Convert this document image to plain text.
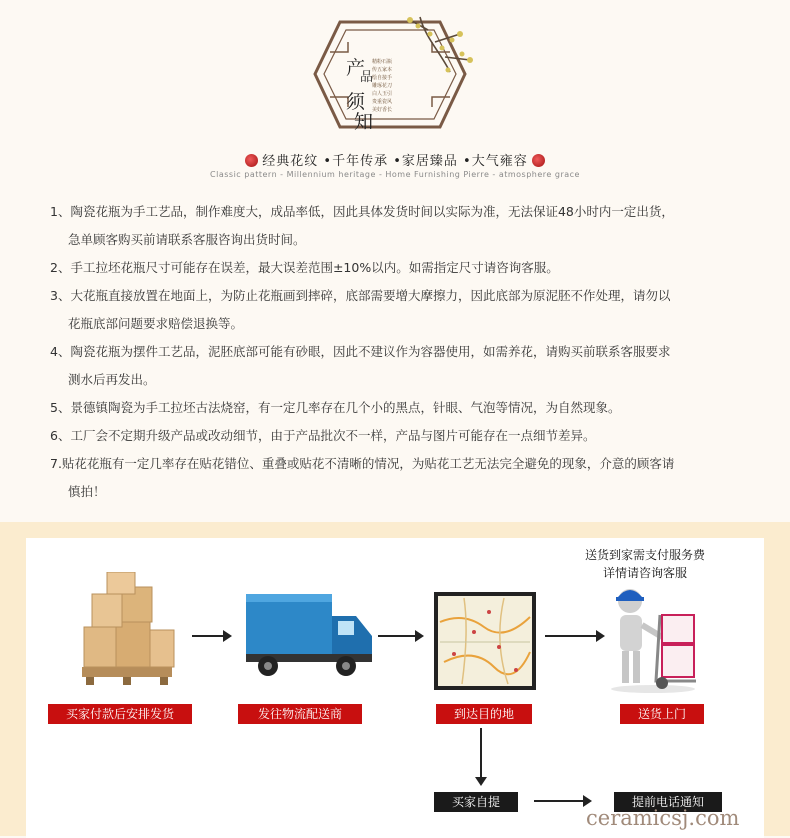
产
品
须
知
精粉石瓶
传五家本
绘自接手
雕琢花刀
白人玉引
贵重瓷风
美好香长
经典花纹 •千年传承 •家居臻品 •大气雍容
Classic pattern - Millennium heritage - Home Furnishing Pierre - atmosphere grace

1、陶瓷花瓶为手工艺品，制作难度大，成品率低，因此具体发货时间以实际为准，无法保证48小时内一定出货，
急单顾客购买前请联系客服咨询出货时间。

2、手工拉坯花瓶尺寸可能存在误差，最大误差范围±10%以内。如需指定尺寸请咨询客服。

3、大花瓶直接放置在地面上，为防止花瓶画到摔碎，底部需要增大摩擦力，因此底部为原泥胚不作处理，请勿以
花瓶底部问题要求赔偿退换等。

4、陶瓷花瓶为摆件工艺品，泥胚底部可能有砂眼，因此不建议作为容器使用，如需养花，请购买前联系客服要求
测水后再发出。

5、景德镇陶瓷为手工拉坯古法烧窑，有一定几率存在几个小的黑点，针眼、气泡等情况，为自然现象。

6、工厂会不定期升级产品或改动细节，由于产品批次不一样，产品与图片可能存在一点细节差异。

7.贴花花瓶有一定几率存在贴花错位、重叠或贴花不清晰的情况，为贴花工艺无法完全避免的现象，介意的顾客请
慎拍！

送货到家需支付服务费
详情请咨询客服
买家付款后安排发货	发往物流配送商	到达目的地	送货上门
买家自提	提前电话通知
ceramicsj.com
